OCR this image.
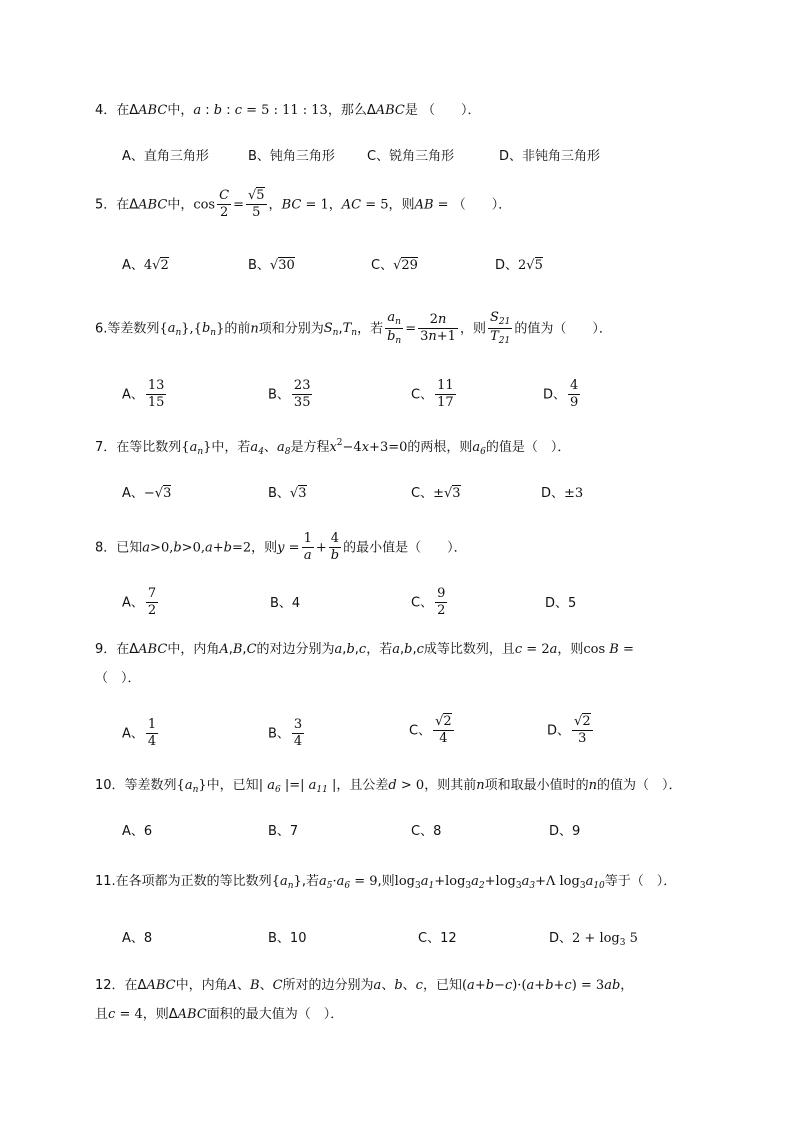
4．在ΔABC中，a : b : c = 5 : 11 : 13，那么ΔABC是 （　　）．
A、直角三角形	B、钝角三角形 C、锐角三角形	D、非钝角三角形
5．在ΔABC中，$\cos \frac{C}{2} = \frac{√5}{5}$ ，BC = 1，AC = 5，则AB = （　　）．
A、4√2	B、√30	C、√29	D、2√5
6.等差数列$\{a_n\},\{b_n\}$的前n项和分别为$S_n,T_n$，若 $\frac{a_n}{b_n} = \frac{2n}{3n+1}$ ，则 $\frac{S_{21}}{T_{21}}$ 的值为（　　）．
A、 $\frac{13}{15}$	B、 $\frac{23}{35}$	C、 $\frac{11}{17}$	D、 $\frac{4}{9}$
7．在等比数列$\{a_n\}$中，若$a_4$、$a_8$是方程$x^2-4x+3=0$的两根，则$a_6$的值是（　）．
A、−√3	B、√3	C、±√3	D、±3
8．已知a>0,b>0,a+b=2，则$y = \frac{1}{a} + \frac{4}{b}$ 的最小值是（　　）．
A、 $\frac{7}{2}$	B、4	C、 $\frac{9}{2}$	D、5
9．在ΔABC中，内角A,B,C的对边分别为a,b,c，若a,b,c成等比数列，且c = 2a，则cos B =
（　）．
A、 $\frac{1}{4}$	B、 $\frac{3}{4}$	C、 $\frac{√2}{4}$	D、 $\frac{√2}{3}$
10．等差数列$\{a_n\}$中，已知| $a_6$ |=| $a_{11}$ |，且公差d > 0，则其前n项和取最小值时的n的值为（　）．
A、6	B、7	C、8	D、9
11.在各项都为正数的等比数列$\{a_n\}$,若$a_5\cdot a_6 = 9$,则$\log_3a_1+\log_3a_2+\log_3a_3+\Lambda$ $\log_3a_{10}$等于（　）．
A、8	B、10	C、12	D、$2 + \log_3 5$
12．在ΔABC中，内角A、B、C所对的边分别为a、b、c，已知(a+b−c)·(a+b+c) = 3ab，
且c = 4，则ΔABC面积的最大值为（　）．
